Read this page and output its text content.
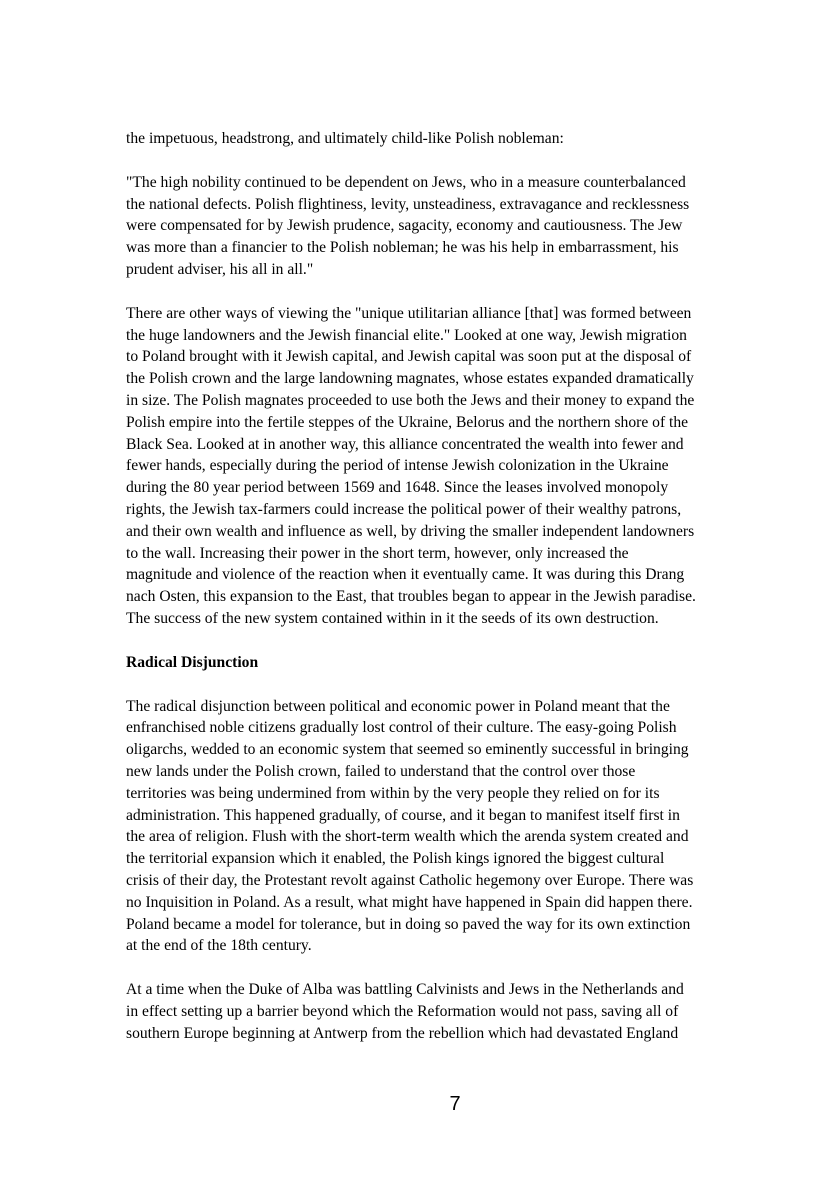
the impetuous, headstrong, and ultimately child-like Polish nobleman:

"The high nobility continued to be dependent on Jews, who in a measure counterbalanced
the national defects. Polish flightiness, levity, unsteadiness, extravagance and recklessness
were compensated for by Jewish prudence, sagacity, economy and cautiousness. The Jew
was more than a financier to the Polish nobleman; he was his help in embarrassment, his
prudent adviser, his all in all."

There are other ways of viewing the "unique utilitarian alliance [that] was formed between
the huge landowners and the Jewish financial elite." Looked at one way, Jewish migration
to Poland brought with it Jewish capital, and Jewish capital was soon put at the disposal of
the Polish crown and the large landowning magnates, whose estates expanded dramatically
in size. The Polish magnates proceeded to use both the Jews and their money to expand the
Polish empire into the fertile steppes of the Ukraine, Belorus and the northern shore of the
Black Sea. Looked at in another way, this alliance concentrated the wealth into fewer and
fewer hands, especially during the period of intense Jewish colonization in the Ukraine
during the 80 year period between 1569 and 1648. Since the leases involved monopoly
rights, the Jewish tax-farmers could increase the political power of their wealthy patrons,
and their own wealth and influence as well, by driving the smaller independent landowners
to the wall. Increasing their power in the short term, however, only increased the
magnitude and violence of the reaction when it eventually came. It was during this Drang
nach Osten, this expansion to the East, that troubles began to appear in the Jewish paradise.
The success of the new system contained within in it the seeds of its own destruction.

Radical Disjunction

The radical disjunction between political and economic power in Poland meant that the
enfranchised noble citizens gradually lost control of their culture. The easy-going Polish
oligarchs, wedded to an economic system that seemed so eminently successful in bringing
new lands under the Polish crown, failed to understand that the control over those
territories was being undermined from within by the very people they relied on for its
administration. This happened gradually, of course, and it began to manifest itself first in
the area of religion. Flush with the short-term wealth which the arenda system created and
the territorial expansion which it enabled, the Polish kings ignored the biggest cultural
crisis of their day, the Protestant revolt against Catholic hegemony over Europe. There was
no Inquisition in Poland. As a result, what might have happened in Spain did happen there.
Poland became a model for tolerance, but in doing so paved the way for its own extinction
at the end of the 18th century.

At a time when the Duke of Alba was battling Calvinists and Jews in the Netherlands and
in effect setting up a barrier beyond which the Reformation would not pass, saving all of
southern Europe beginning at Antwerp from the rebellion which had devastated England

7
